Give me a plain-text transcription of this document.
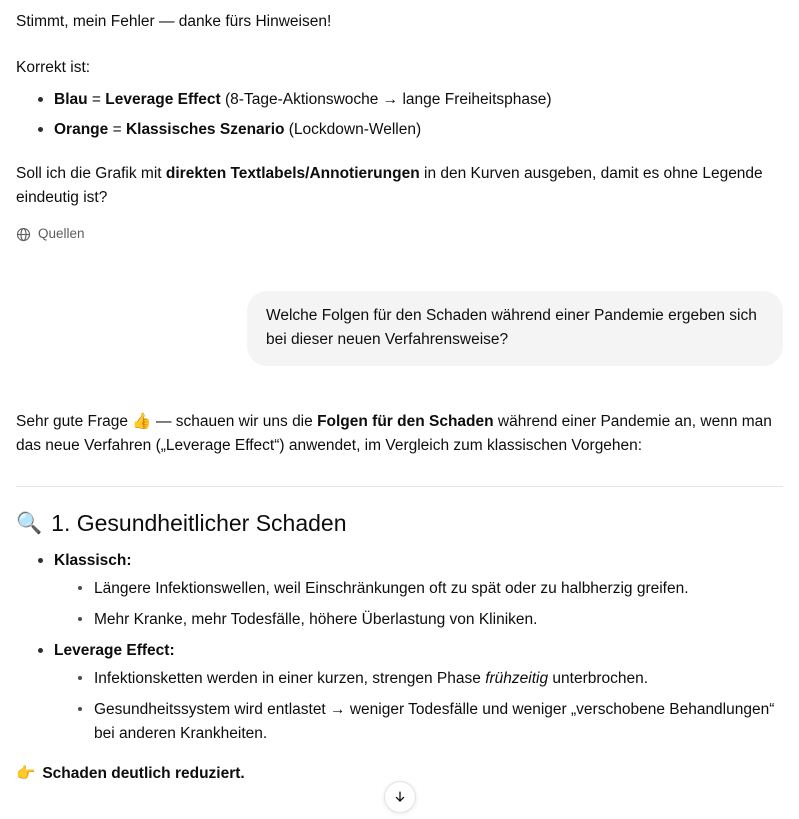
Stimmt, mein Fehler — danke fürs Hinweisen!

Korrekt ist:

Blau = Leverage Effect (8-Tage-Aktionswoche → lange Freiheitsphase)
Orange = Klassisches Szenario (Lockdown-Wellen)

Soll ich die Grafik mit direkten Textlabels/Annotierungen in den Kurven ausgeben, damit es ohne Legende eindeutig ist?

Quellen
Welche Folgen für den Schaden während einer Pandemie ergeben sich bei dieser neuen Verfahrensweise?

Sehr gute Frage 👍 — schauen wir uns die Folgen für den Schaden während einer Pandemie an, wenn man das neue Verfahren („Leverage Effect“) anwendet, im Vergleich zum klassischen Vorgehen:

🔍 1. Gesundheitlicher Schaden
Klassisch:
Längere Infektionswellen, weil Einschränkungen oft zu spät oder zu halbherzig greifen.
Mehr Kranke, mehr Todesfälle, höhere Überlastung von Kliniken.
Leverage Effect:
Infektionsketten werden in einer kurzen, strengen Phase frühzeitig unterbrochen.
Gesundheitssystem wird entlastet → weniger Todesfälle und weniger „verschobene Behandlungen“ bei anderen Krankheiten.
👉 Schaden deutlich reduziert.
